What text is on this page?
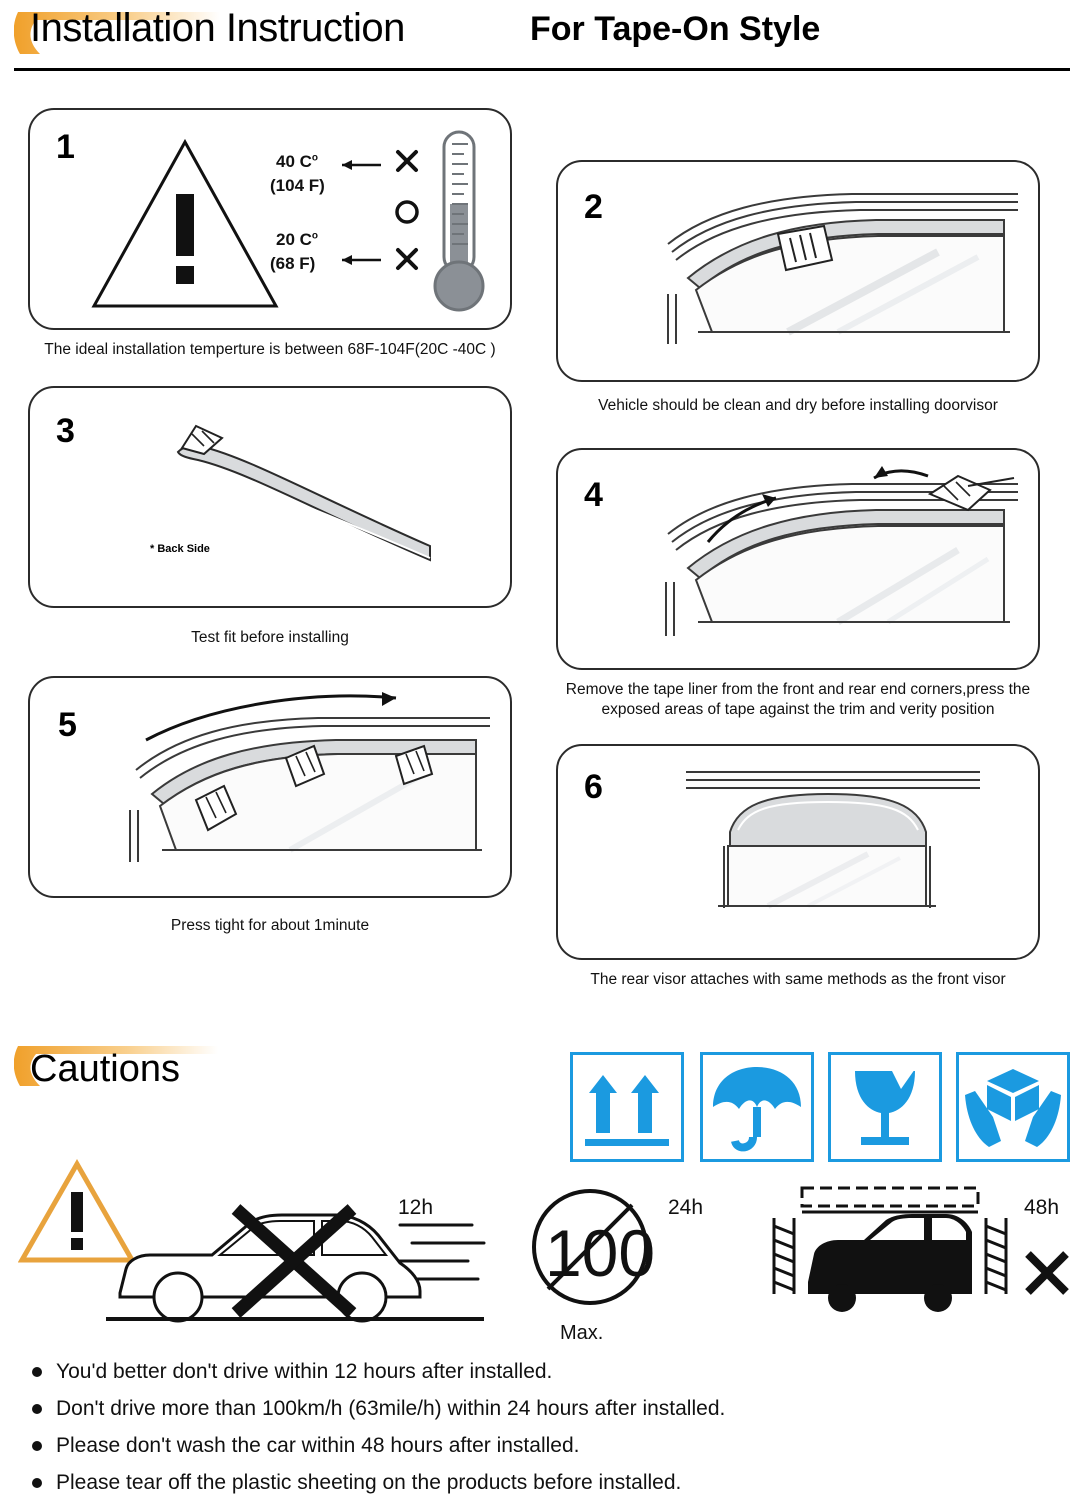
Installation Instruction	For Tape-On Style
1	40 $C^o$
(104 F)
20 $C^o$
(68 F)
The ideal installation temperture is between 68F-104F(20C -40C )
2
Vehicle should be clean and dry before installing doorvisor
3
* Back Side
Test fit before installing
4
Remove the tape liner from the front and rear end corners,press the exposed areas of tape against the trim and verity position
5
Press tight for about 1minute
6
The rear visor attaches with same methods as the front visor
Cautions
12h
100
Max.
24h	48h
You'd better don't drive within 12 hours after installed.
Don't drive more than 100km/h (63mile/h) within 24 hours after installed.
Please don't wash the car within 48 hours after installed.
Please tear off the plastic sheeting on the products before installed.
